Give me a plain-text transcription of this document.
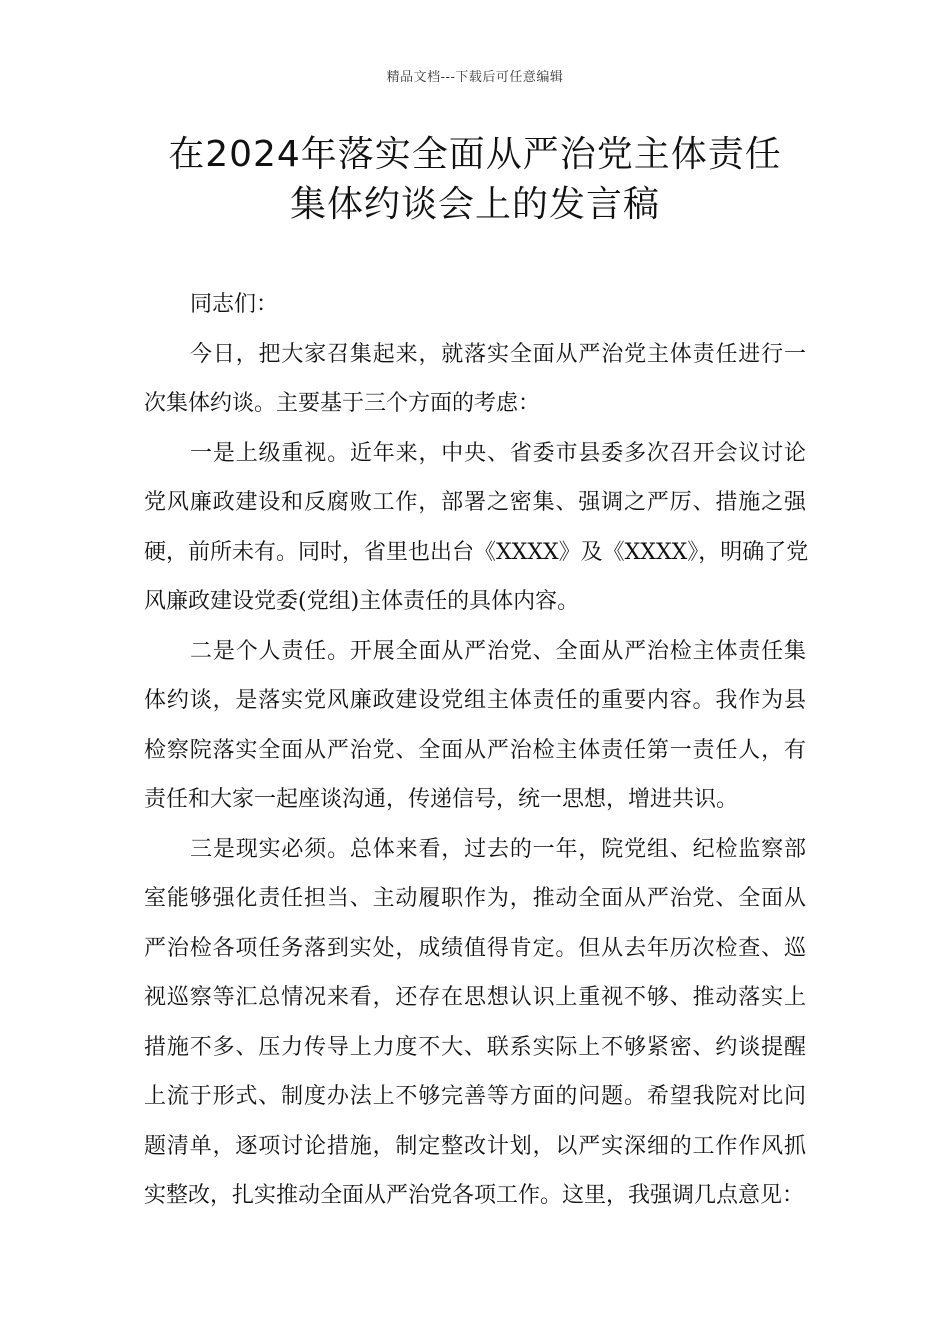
精品文档---下载后可任意编辑
在2024年落实全面从严治党主体责任
集体约谈会上的发言稿

同志们：

今日，把大家召集起来，就落实全面从严治党主体责任进行一
次集体约谈。主要基于三个方面的考虑：

一是上级重视。近年来，中央、省委市县委多次召开会议讨论
党风廉政建设和反腐败工作，部署之密集、强调之严厉、措施之强
硬，前所未有。同时，省里也出台《XXXX》及《XXXX》，明确了党
风廉政建设党委(党组)主体责任的具体内容。

二是个人责任。开展全面从严治党、全面从严治检主体责任集
体约谈，是落实党风廉政建设党组主体责任的重要内容。我作为县
检察院落实全面从严治党、全面从严治检主体责任第一责任人，有
责任和大家一起座谈沟通，传递信号，统一思想，增进共识。

三是现实必须。总体来看，过去的一年，院党组、纪检监察部
室能够强化责任担当、主动履职作为，推动全面从严治党、全面从
严治检各项任务落到实处，成绩值得肯定。但从去年历次检查、巡
视巡察等汇总情况来看，还存在思想认识上重视不够、推动落实上
措施不多、压力传导上力度不大、联系实际上不够紧密、约谈提醒
上流于形式、制度办法上不够完善等方面的问题。希望我院对比问
题清单，逐项讨论措施，制定整改计划，以严实深细的工作作风抓
实整改，扎实推动全面从严治党各项工作。这里，我强调几点意见：
